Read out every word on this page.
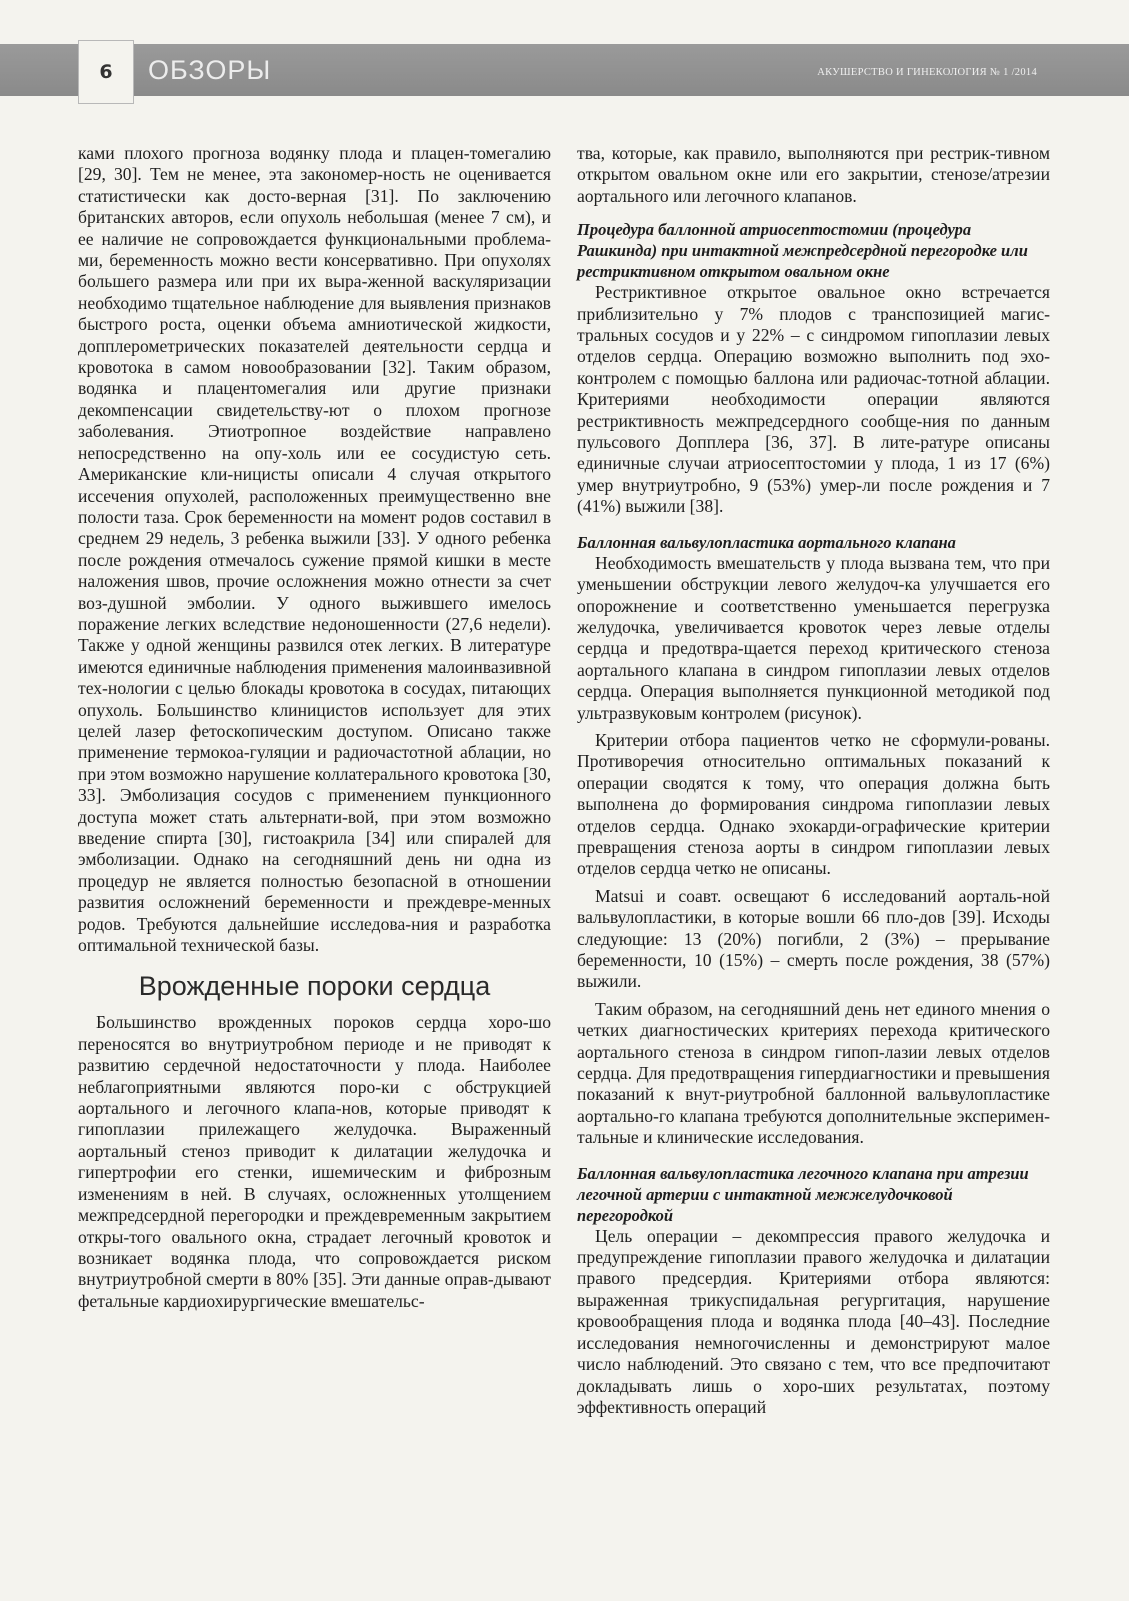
6	ОБЗОРЫ	АКУШЕРСТВО И ГИНЕКОЛОГИЯ № 1 /2014

ками плохого прогноза водянку плода и плацен-томегалию [29, 30]. Тем не менее, эта закономер-ность не оценивается статистически как досто-верная [31]. По заключению британских авторов, если опухоль небольшая (менее 7 см), и ее наличие не сопровождается функциональными проблема-ми, беременность можно вести консервативно. При опухолях большего размера или при их выра-женной васкуляризации необходимо тщательное наблюдение для выявления признаков быстрого роста, оценки объема амниотической жидкости, допплерометрических показателей деятельности сердца и кровотока в самом новообразовании [32]. Таким образом, водянка и плацентомегалия или другие признаки декомпенсации свидетельству-ют о плохом прогнозе заболевания. Этиотропное воздействие направлено непосредственно на опу-холь или ее сосудистую сеть. Американские кли-ницисты описали 4 случая открытого иссечения опухолей, расположенных преимущественно вне полости таза. Срок беременности на момент родов составил в среднем 29 недель, 3 ребенка выжили [33]. У одного ребенка после рождения отмечалось сужение прямой кишки в месте наложения швов, прочие осложнения можно отнести за счет воз-душной эмболии. У одного выжившего имелось поражение легких вследствие недоношенности (27,6 недели). Также у одной женщины развился отек легких. В литературе имеются единичные наблюдения применения малоинвазивной тех-нологии с целью блокады кровотока в сосудах, питающих опухоль. Большинство клиницистов использует для этих целей лазер фетоскопическим доступом. Описано также применение термокоа-гуляции и радиочастотной аблации, но при этом возможно нарушение коллатерального кровотока [30, 33]. Эмболизация сосудов с применением пункционного доступа может стать альтернати-вой, при этом возможно введение спирта [30], гистоакрила [34] или спиралей для эмболизации. Однако на сегодняшний день ни одна из процедур не является полностью безопасной в отношении развития осложнений беременности и преждевре-менных родов. Требуются дальнейшие исследова-ния и разработка оптимальной технической базы.

Врожденные пороки сердца

Большинство врожденных пороков сердца хоро-шо переносятся во внутриутробном периоде и не приводят к развитию сердечной недостаточности у плода. Наиболее неблагоприятными являются поро-ки с обструкцией аортального и легочного клапа-нов, которые приводят к гипоплазии прилежащего желудочка. Выраженный аортальный стеноз приводит к дилатации желудочка и гипертрофии его стенки, ишемическим и фиброзным изменениям в ней. В случаях, осложненных утолщением межпредсердной перегородки и преждевременным закрытием откры-того овального окна, страдает легочный кровоток и возникает водянка плода, что сопровождается риском внутриутробной смерти в 80% [35]. Эти данные оправ-дывают фетальные кардиохирургические вмешательс-

тва, которые, как правило, выполняются при рестрик-тивном открытом овальном окне или его закрытии, стенозе/атрезии аортального или легочного клапанов.

Процедура баллонной атриосептостомии (процедура Рашкинда) при интактной межпредсердной перегородке или рестриктивном открытом овальном окне

Рестриктивное открытое овальное окно встречается приблизительно у 7% плодов с транспозицией магис-тральных сосудов и у 22% – с синдромом гипоплазии левых отделов сердца. Операцию возможно выполнить под эхо-контролем с помощью баллона или радиочас-тотной аблации. Критериями необходимости операции являются рестриктивность межпредсердного сообще-ния по данным пульсового Допплера [36, 37]. В лите-ратуре описаны единичные случаи атриосептостомии у плода, 1 из 17 (6%) умер внутриутробно, 9 (53%) умер-ли после рождения и 7 (41%) выжили [38].

Баллонная вальвулопластика аортального клапана

Необходимость вмешательств у плода вызвана тем, что при уменьшении обструкции левого желудоч-ка улучшается его опорожнение и соответственно уменьшается перегрузка желудочка, увеличивается кровоток через левые отделы сердца и предотвра-щается переход критического стеноза аортального клапана в синдром гипоплазии левых отделов сердца. Операция выполняется пункционной методикой под ультразвуковым контролем (рисунок).

Критерии отбора пациентов четко не сформули-рованы. Противоречия относительно оптимальных показаний к операции сводятся к тому, что операция должна быть выполнена до формирования синдрома гипоплазии левых отделов сердца. Однако эхокарди-ографические критерии превращения стеноза аорты в синдром гипоплазии левых отделов сердца четко не описаны.

Matsui и соавт. освещают 6 исследований аорталь-ной вальвулопластики, в которые вошли 66 пло-дов [39]. Исходы следующие: 13 (20%) погибли, 2 (3%) – прерывание беременности, 10 (15%) – смерть после рождения, 38 (57%) выжили.

Таким образом, на сегодняшний день нет единого мнения о четких диагностических критериях перехода критического аортального стеноза в синдром гипоп-лазии левых отделов сердца. Для предотвращения гипердиагностики и превышения показаний к внут-риутробной баллонной вальвулопластике аортально-го клапана требуются дополнительные эксперимен-тальные и клинические исследования.

Баллонная вальвулопластика легочного клапана при атрезии легочной артерии с интактной межжелудочковой перегородкой

Цель операции – декомпрессия правого желудочка и предупреждение гипоплазии правого желудочка и дилатации правого предсердия. Критериями отбора являются: выраженная трикуспидальная регургитация, нарушение кровообращения плода и водянка плода [40–43]. Последние исследования немногочисленны и демонстрируют малое число наблюдений. Это связано с тем, что все предпочитают докладывать лишь о хоро-ших результатах, поэтому эффективность операций
